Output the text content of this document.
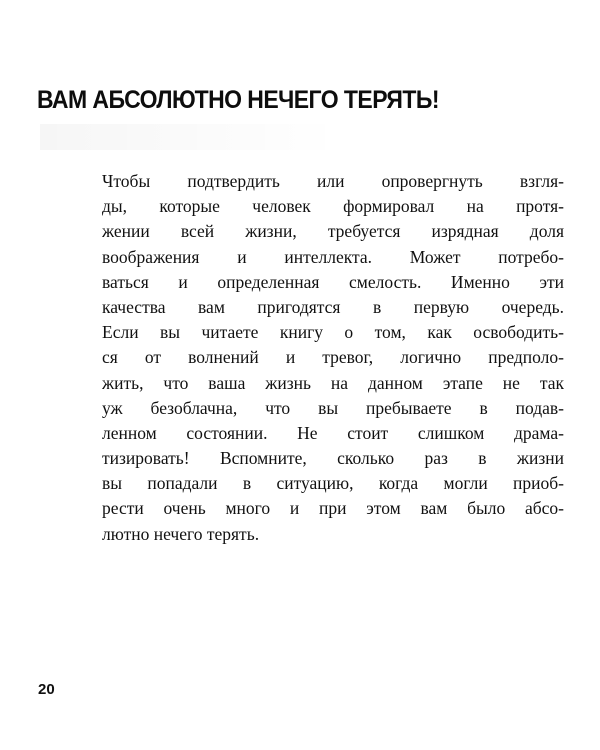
ВАМ АБСОЛЮТНО НЕЧЕГО ТЕРЯТЬ!
Чтобы подтвердить или опровергнуть взгля-
ды, которые человек формировал на протя-
жении всей жизни, требуется изрядная доля
воображения и интеллекта. Может потребо-
ваться и определенная смелость. Именно эти
качества вам пригодятся в первую очередь.
Если вы читаете книгу о том, как освободить-
ся от волнений и тревог, логично предполо-
жить, что ваша жизнь на данном этапе не так
уж безоблачна, что вы пребываете в подав-
ленном состоянии. Не стоит слишком драма-
тизировать! Вспомните, сколько раз в жизни
вы попадали в ситуацию, когда могли приоб-
рести очень много и при этом вам было абсо-
лютно нечего терять.
20
